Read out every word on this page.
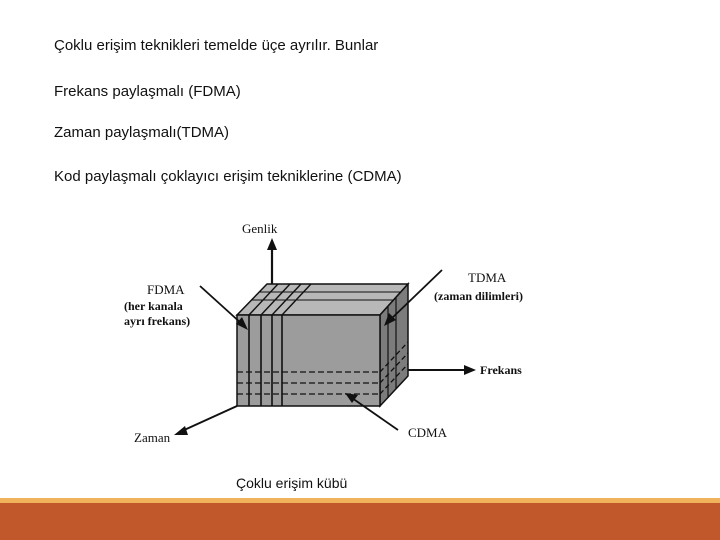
Çoklu erişim teknikleri temelde üçe ayrılır. Bunlar
Frekans paylaşmalı (FDMA)
Zaman paylaşmalı(TDMA)
Kod paylaşmalı çoklayıcı erişim tekniklerine (CDMA)
Genlik
Frekans
Zaman
FDMA
(her kanala
ayrı frekans)
TDMA
(zaman dilimleri)
CDMA
Çoklu erişim kübü
